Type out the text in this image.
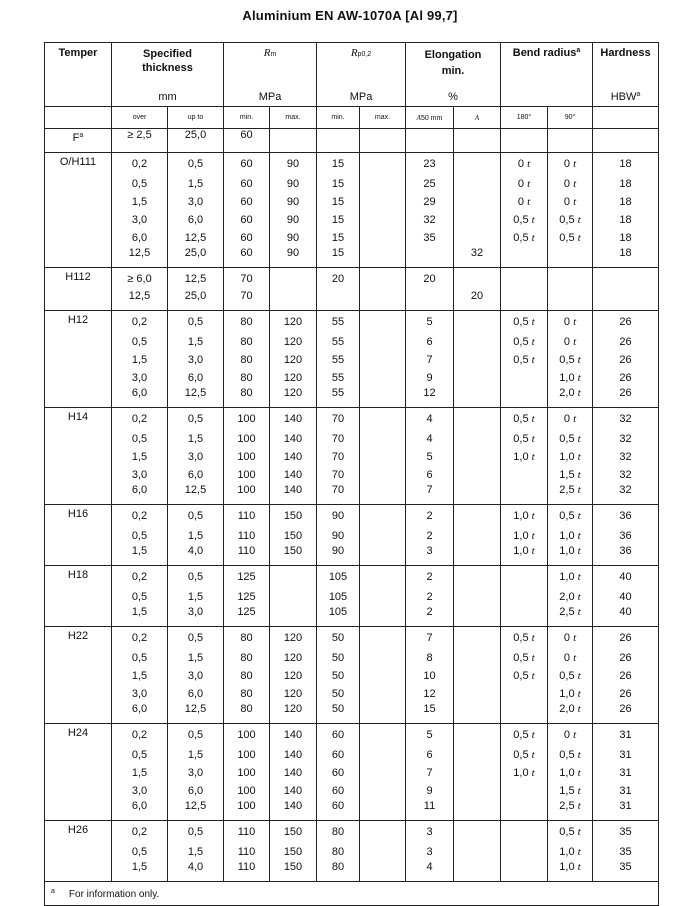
Aluminium EN AW-1070A [Al 99,7]
Temper	Specified thickness		Rm		Rp0,2		Elongation min.		Bend radius$^a$		Hardness

	mm		MPa		MPa		%				HBW$^a$
	over	up to	min.	max.	min.	max.	A50 mm	A	180°	90°	
$F^a$	≥ 2,5	25,0	60								
O/H111	0,2	0,5	60	90	15		23		0 t	0 t	18
	0,5	1,5	60	90	15		25		0 t	0 t	18
	1,5	3,0	60	90	15		29		0 t	0 t	18
	3,0	6,0	60	90	15		32		0,5 t	0,5 t	18
	6,0	12,5	60	90	15		35		0,5 t	0,5 t	18
	12,5	25,0	60	90	15			32			18
H112	≥ 6,0	12,5	70		20		20				
	12,5	25,0	70					20			
H12	0,2	0,5	80	120	55		5		0,5 t	0 t	26
	0,5	1,5	80	120	55		6		0,5 t	0 t	26
	1,5	3,0	80	120	55		7		0,5 t	0,5 t	26
	3,0	6,0	80	120	55		9			1,0 t	26
	6,0	12,5	80	120	55		12			2,0 t	26
H14	0,2	0,5	100	140	70		4		0,5 t	0 t	32
	0,5	1,5	100	140	70		4		0,5 t	0,5 t	32
	1,5	3,0	100	140	70		5		1,0 t	1,0 t	32
	3,0	6,0	100	140	70		6			1,5 t	32
	6,0	12,5	100	140	70		7			2,5 t	32
H16	0,2	0,5	110	150	90		2		1,0 t	0,5 t	36
	0,5	1,5	110	150	90		2		1,0 t	1,0 t	36
	1,5	4,0	110	150	90		3		1,0 t	1,0 t	36
H18	0,2	0,5	125		105		2			1,0 t	40
	0,5	1,5	125		105		2			2,0 t	40
	1,5	3,0	125		105		2			2,5 t	40
H22	0,2	0,5	80	120	50		7		0,5 t	0 t	26
	0,5	1,5	80	120	50		8		0,5 t	0 t	26
	1,5	3,0	80	120	50		10		0,5 t	0,5 t	26
	3,0	6,0	80	120	50		12			1,0 t	26
	6,0	12,5	80	120	50		15			2,0 t	26
H24	0,2	0,5	100	140	60		5		0,5 t	0 t	31
	0,5	1,5	100	140	60		6		0,5 t	0,5 t	31
	1,5	3,0	100	140	60		7		1,0 t	1,0 t	31
	3,0	6,0	100	140	60		9			1,5 t	31
	6,0	12,5	100	140	60		11			2,5 t	31
H26	0,2	0,5	110	150	80		3			0,5 t	35
	0,5	1,5	110	150	80		3			1,0 t	35
	1,5	4,0	110	150	80		4			1,0 t	35
$^a$ For information only.											
